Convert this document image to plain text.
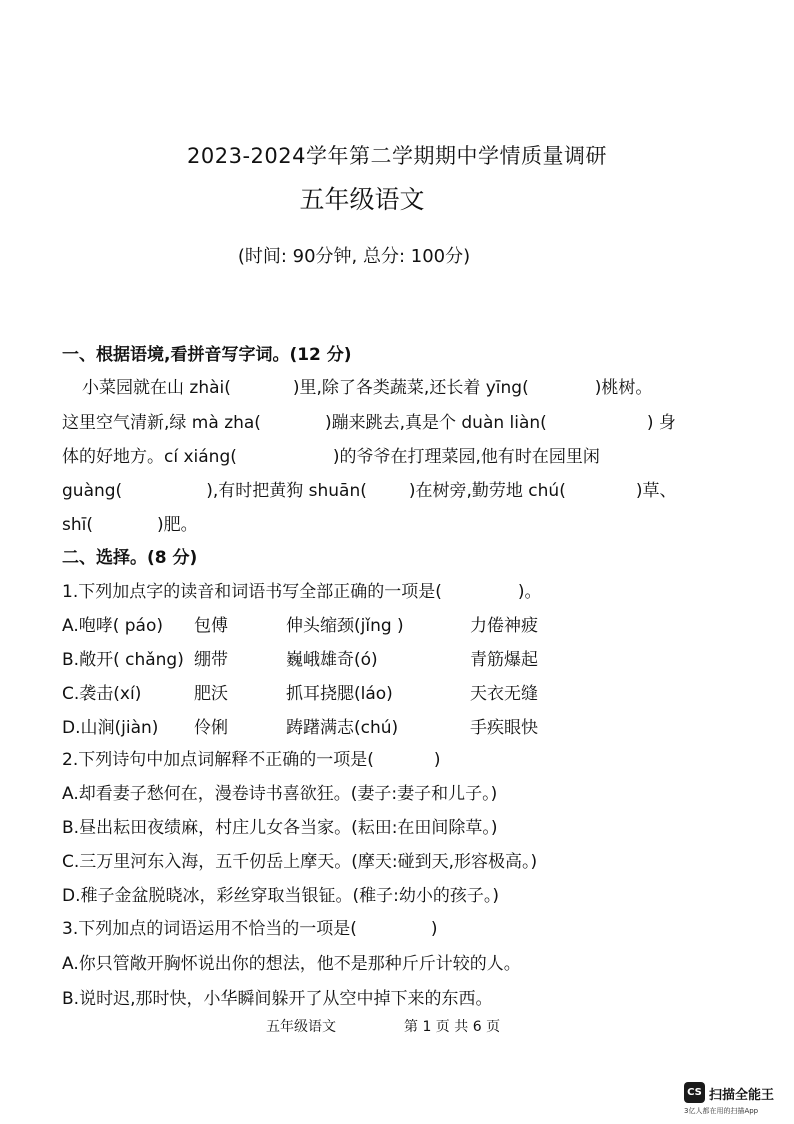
2023-2024学年第二学期期中学情质量调研
五年级语文
(时间: 90分钟, 总分: 100分)
一、根据语境,看拼音写字词。(12 分)
小菜园就在山 zhài(	)里,除了各类蔬菜,还长着 yīng(	)桃树。
这里空气清新,绿 mà zha(	)蹦来跳去,真是个 duàn liàn(	) 身
体的好地方。cí xiáng(	)的爷爷在打理菜园,他有时在园里闲
guàng(	),有时把黄狗 shuān( )在树旁,勤劳地 chú(	)草、
shī(	)肥。
二、选择。(8 分)
1.下列加点字的读音和词语书写全部正确的一项是(	)。
A.咆哮( páo) 包傅	伸头缩颈(jǐng )	力倦神疲
B.敞开( chǎng) 绷带	巍峨雄奇(ó)	青筋爆起
C.袭击(xí)	肥沃	抓耳挠腮(láo)	天衣无缝
D.山涧(jiàn) 伶俐	踌躇满志(chú)	手疾眼快
2.下列诗句中加点词解释不正确的一项是(	)
A.却看妻子愁何在，漫卷诗书喜欲狂。(妻子:妻子和儿子。)
B.昼出耘田夜绩麻，村庄儿女各当家。(耘田:在田间除草。)
C.三万里河东入海，五千仞岳上摩天。(摩天:碰到天,形容极高。)
D.稚子金盆脱晓冰，彩丝穿取当银钲。(稚子:幼小的孩子。)
3.下列加点的词语运用不恰当的一项是(	)
A.你只管敞开胸怀说出你的想法，他不是那种斤斤计较的人。
B.说时迟,那时快，小华瞬间躲开了从空中掉下来的东西。
五年级语文	第 1 页 共 6 页
CS 扫描全能王
3亿人都在用的扫描App
